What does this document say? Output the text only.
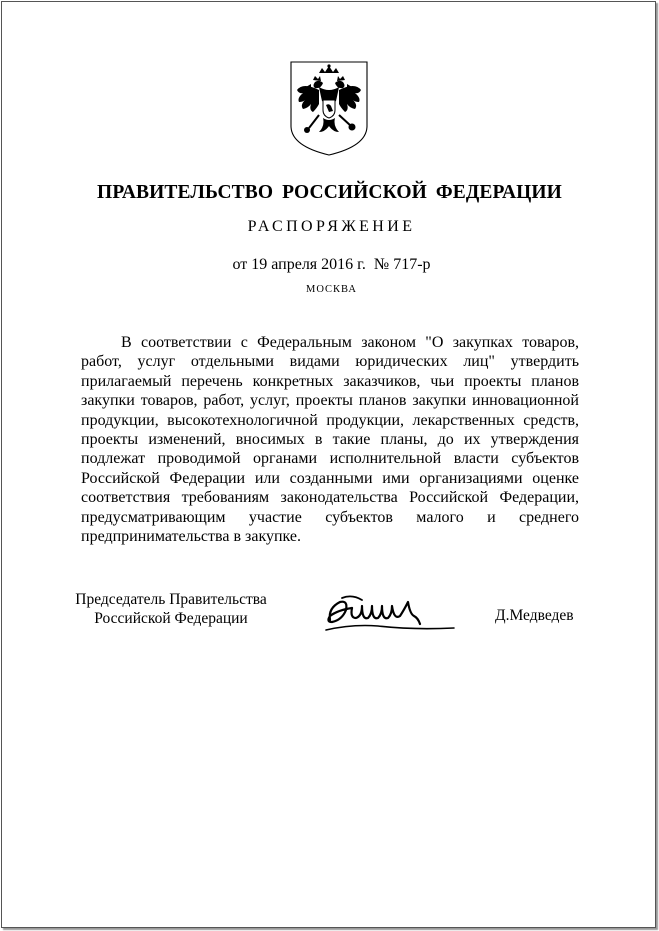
ПРАВИТЕЛЬСТВО РОССИЙСКОЙ ФЕДЕРАЦИИ
РАСПОРЯЖЕНИЕ
от 19 апреля 2016 г.  № 717-р
МОСКВА

В соответствии с Федеральным законом "О закупках товаров, работ, услуг отдельными видами юридических лиц" утвердить прилагаемый перечень конкретных заказчиков, чьи проекты планов закупки товаров, работ, услуг, проекты планов закупки инновационной продукции, высокотехнологичной продукции, лекарственных средств, проекты изменений, вносимых в такие планы, до их утверждения подлежат проводимой органами исполнительной власти субъектов Российской Федерации или созданными ими организациями оценке соответствия требованиям законодательства Российской Федерации, предусматривающим участие субъектов малого и среднего предпринимательства в закупке.

Председатель Правительства
Российской Федерации	Д.Медведев
